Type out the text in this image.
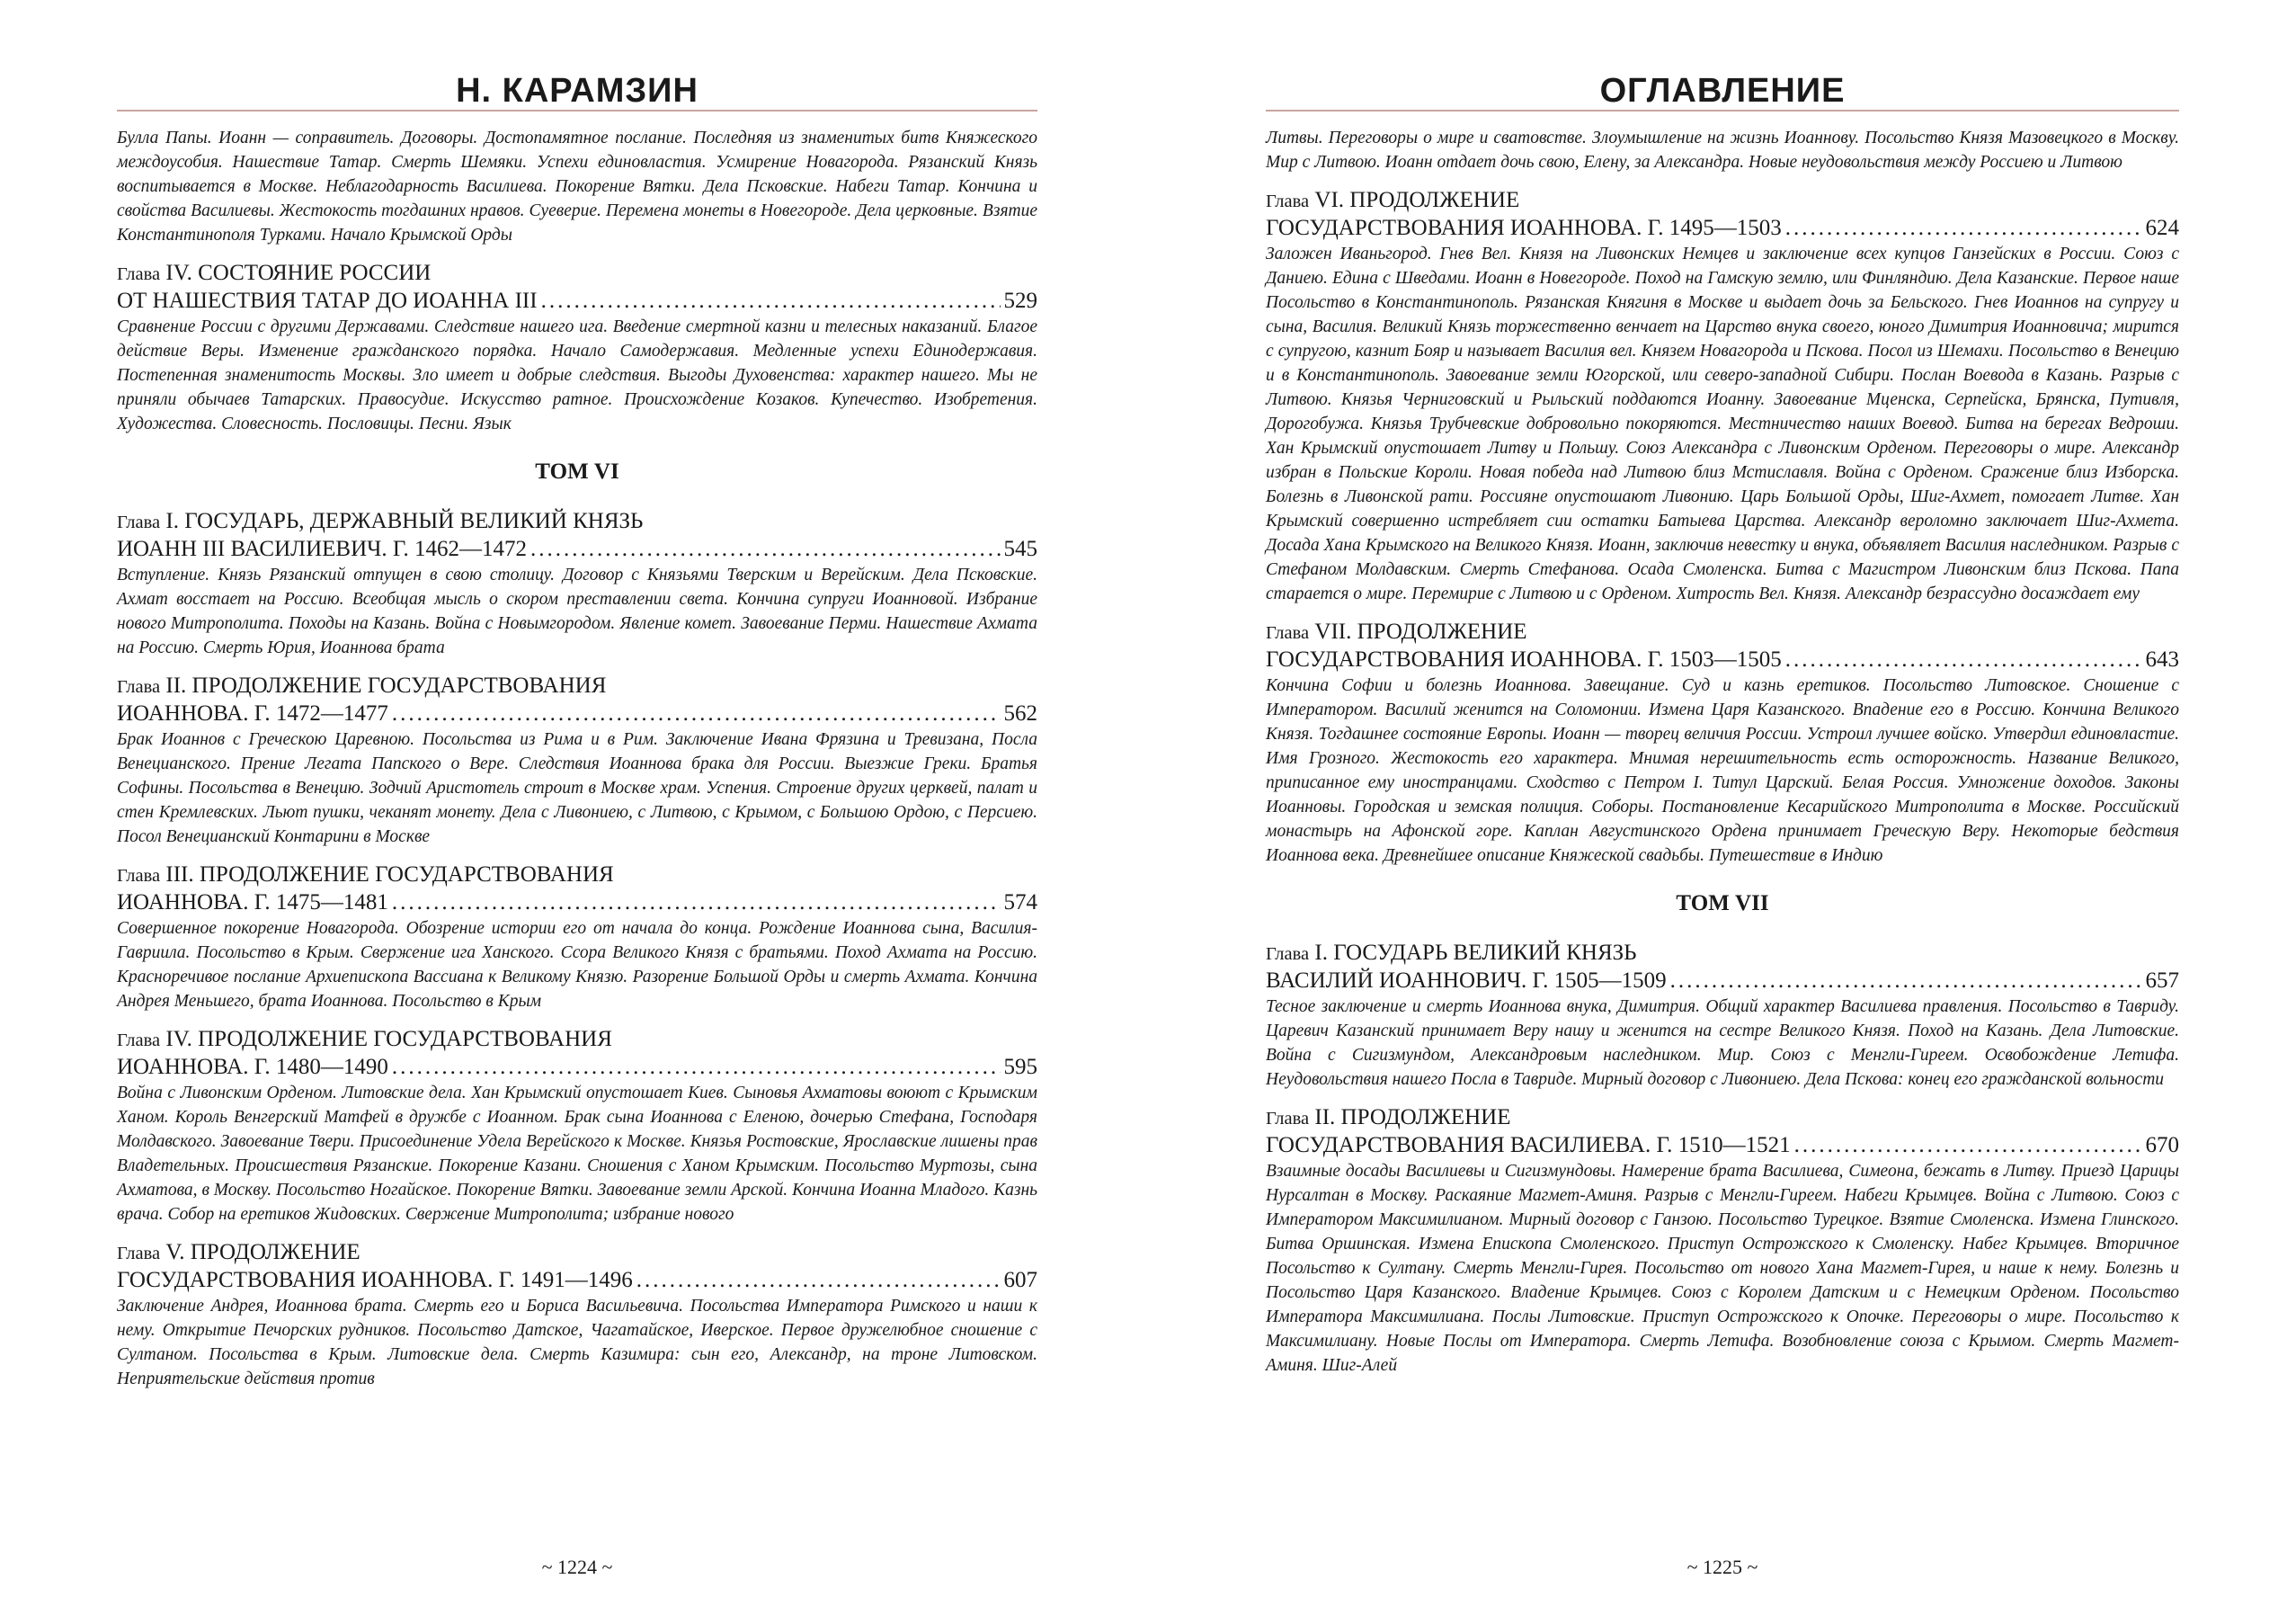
Н. КАРАМЗИН

Булла Папы. Иоанн — соправитель. Договоры. Достопамятное послание. Последняя из знаменитых битв Княжеского междоусобия. Нашествие Татар. Смерть Шемяки. Успехи единовластия. Усмирение Новагорода. Рязанский Князь воспитывается в Москве. Неблагодарность Василиева. Покорение Вятки. Дела Псковские. Набеги Татар. Кончина и свойства Василиевы. Жестокость тогдашних нравов. Суеверие. Перемена монеты в Новегороде. Дела церковные. Взятие Константинополя Турками. Начало Крымской Орды

Глава IV. СОСТОЯНИЕ РОССИИ
ОТ НАШЕСТВИЯ ТАТАР ДО ИОАННА III .....	529

Сравнение России с другими Державами. Следствие нашего ига. Введение смертной казни и телесных наказаний. Благое действие Веры. Изменение гражданского порядка. Начало Самодержавия. Медленные успехи Единодержавия. Постепенная знаменитость Москвы. Зло имеет и добрые следствия. Выгоды Духовенства: характер нашего. Мы не приняли обычаев Татарских. Правосудие. Искусство ратное. Происхождение Козаков. Купечество. Изобретения. Художества. Словесность. Пословицы. Песни. Язык

ТОМ VI
Глава I. ГОСУДАРЬ, ДЕРЖАВНЫЙ ВЕЛИКИЙ КНЯЗЬ
ИОАНН III ВАСИЛИЕВИЧ. Г. 1462—1472 .....	545

Вступление. Князь Рязанский отпущен в свою столицу. Договор с Князьями Тверским и Верейским. Дела Псковские. Ахмат восстает на Россию. Всеобщая мысль о скором преставлении света. Кончина супруги Иоанновой. Избрание нового Митрополита. Походы на Казань. Война с Новымгородом. Явление комет. Завоевание Перми. Нашествие Ахмата на Россию. Смерть Юрия, Иоаннова брата

Глава II. ПРОДОЛЖЕНИЕ ГОСУДАРСТВОВАНИЯ
ИОАННОВА. Г. 1472—1477 .....	562

Брак Иоаннов с Греческою Царевною. Посольства из Рима и в Рим. Заключение Ивана Фрязина и Тревизана, Посла Венецианского. Прение Легата Папского о Вере. Следствия Иоаннова брака для России. Выезжие Греки. Братья Софины. Посольства в Венецию. Зодчий Аристотель строит в Москве храм. Успения. Строение других церквей, палат и стен Кремлевских. Льют пушки, чеканят монету. Дела с Ливониею, с Литвою, с Крымом, с Большою Ордою, с Персиею. Посол Венецианский Контарини в Москве

Глава III. ПРОДОЛЖЕНИЕ ГОСУДАРСТВОВАНИЯ
ИОАННОВА. Г. 1475—1481 .....	574

Совершенное покорение Новагорода. Обозрение истории его от начала до конца. Рождение Иоаннова сына, Василия-Гавриила. Посольство в Крым. Свержение ига Ханского. Ссора Великого Князя с братьями. Поход Ахмата на Россию. Красноречивое послание Архиепископа Вассиана к Великому Князю. Разорение Большой Орды и смерть Ахмата. Кончина Андрея Меньшего, брата Иоаннова. Посольство в Крым

Глава IV. ПРОДОЛЖЕНИЕ ГОСУДАРСТВОВАНИЯ
ИОАННОВА. Г. 1480—1490 .....	595

Война с Ливонским Орденом. Литовские дела. Хан Крымский опустошает Киев. Сыновья Ахматовы воюют с Крымским Ханом. Король Венгерский Матфей в дружбе с Иоанном. Брак сына Иоаннова с Еленою, дочерью Стефана, Господаря Молдавского. Завоевание Твери. Присоединение Удела Верейского к Москве. Князья Ростовские, Ярославские лишены прав Владетельных. Происшествия Рязанские. Покорение Казани. Сношения с Ханом Крымским. Посольство Муртозы, сына Ахматова, в Москву. Посольство Ногайское. Покорение Вятки. Завоевание земли Арской. Кончина Иоанна Младого. Казнь врача. Собор на еретиков Жидовских. Свержение Митрополита; избрание нового

Глава V. ПРОДОЛЖЕНИЕ
ГОСУДАРСТВОВАНИЯ ИОАННОВА. Г. 1491—1496 .....	607

Заключение Андрея, Иоаннова брата. Смерть его и Бориса Васильевича. Посольства Императора Римского и наши к нему. Открытие Печорских рудников. Посольство Датское, Чагатайское, Иверское. Первое дружелюбное сношение с Султаном. Посольства в Крым. Литовские дела. Смерть Казимира: сын его, Александр, на троне Литовском. Неприятельские действия против

~ 1224 ~
ОГЛАВЛЕНИЕ

Литвы. Переговоры о мире и сватовстве. Злоумышление на жизнь Иоаннову. Посольство Князя Мазовецкого в Москву. Мир с Литвою. Иоанн отдает дочь свою, Елену, за Александра. Новые неудовольствия между Россиею и Литвою

Глава VI. ПРОДОЛЖЕНИЕ
ГОСУДАРСТВОВАНИЯ ИОАННОВА. Г. 1495—1503 .....	624

Заложен Иваньгород. Гнев Вел. Князя на Ливонских Немцев и заключение всех купцов Ганзейских в России. Союз с Даниею. Едина с Шведами. Иоанн в Новегороде. Поход на Гамскую землю, или Финляндию. Дела Казанские. Первое наше Посольство в Константинополь. Рязанская Княгиня в Москве и выдает дочь за Бельского. Гнев Иоаннов на супругу и сына, Василия. Великий Князь торжественно венчает на Царство внука своего, юного Димитрия Иоанновича; мирится с супругою, казнит Бояр и называет Василия вел. Князем Новагорода и Пскова. Посол из Шемахи. Посольство в Венецию и в Константинополь. Завоевание земли Югорской, или северо-западной Сибири. Послан Воевода в Казань. Разрыв с Литвою. Князья Черниговский и Рыльский поддаются Иоанну. Завоевание Мценска, Серпейска, Брянска, Путивля, Дорогобужа. Князья Трубчевские добровольно покоряются. Местничество наших Воевод. Битва на берегах Ведроши. Хан Крымский опустошает Литву и Польшу. Союз Александра с Ливонским Орденом. Переговоры о мире. Александр избран в Польские Короли. Новая победа над Литвою близ Мстиславля. Война с Орденом. Сражение близ Изборска. Болезнь в Ливонской рати. Россияне опустошают Ливонию. Царь Большой Орды, Шиг-Ахмет, помогает Литве. Хан Крымский совершенно истребляет сии остатки Батыева Царства. Александр вероломно заключает Шиг-Ахмета. Досада Хана Крымского на Великого Князя. Иоанн, заключив невестку и внука, объявляет Василия наследником. Разрыв с Стефаном Молдавским. Смерть Стефанова. Осада Смоленска. Битва с Магистром Ливонским близ Пскова. Папа старается о мире. Перемирие с Литвою и с Орденом. Хитрость Вел. Князя. Александр безрассудно досаждает ему

Глава VII. ПРОДОЛЖЕНИЕ
ГОСУДАРСТВОВАНИЯ ИОАННОВА. Г. 1503—1505 .....	643

Кончина Софии и болезнь Иоаннова. Завещание. Суд и казнь еретиков. Посольство Литовское. Сношение с Императором. Василий женится на Соломонии. Измена Царя Казанского. Впадение его в Россию. Кончина Великого Князя. Тогдашнее состояние Европы. Иоанн — творец величия России. Устроил лучшее войско. Утвердил единовластие. Имя Грозного. Жестокость его характера. Мнимая нерешительность есть осторожность. Название Великого, приписанное ему иностранцами. Сходство с Петром I. Титул Царский. Белая Россия. Умножение доходов. Законы Иоанновы. Городская и земская полиция. Соборы. Постановление Кесарийского Митрополита в Москве. Российский монастырь на Афонской горе. Каплан Августинского Ордена принимает Греческую Веру. Некоторые бедствия Иоаннова века. Древнейшее описание Княжеской свадьбы. Путешествие в Индию

ТОМ VII
Глава I. ГОСУДАРЬ ВЕЛИКИЙ КНЯЗЬ
ВАСИЛИЙ ИОАННОВИЧ. Г. 1505—1509 .....	657

Тесное заключение и смерть Иоаннова внука, Димитрия. Общий характер Василиева правления. Посольство в Тавриду. Царевич Казанский принимает Веру нашу и женится на сестре Великого Князя. Поход на Казань. Дела Литовские. Война с Сигизмундом, Александровым наследником. Мир. Союз с Менгли-Гиреем. Освобождение Летифа. Неудовольствия нашего Посла в Тавриде. Мирный договор с Ливониею. Дела Пскова: конец его гражданской вольности

Глава II. ПРОДОЛЖЕНИЕ
ГОСУДАРСТВОВАНИЯ ВАСИЛИЕВА. Г. 1510—1521 .....	670

Взаимные досады Василиевы и Сигизмундовы. Намерение брата Василиева, Симеона, бежать в Литву. Приезд Царицы Нурсалтан в Москву. Раскаяние Магмет-Аминя. Разрыв с Менгли-Гиреем. Набеги Крымцев. Война с Литвою. Союз с Императором Максимилианом. Мирный договор с Ганзою. Посольство Турецкое. Взятие Смоленска. Измена Глинского. Битва Оршинская. Измена Епископа Смоленского. Приступ Острожского к Смоленску. Набег Крымцев. Вторичное Посольство к Султану. Смерть Менгли-Гирея. Посольство от нового Хана Магмет-Гирея, и наше к нему. Болезнь и Посольство Царя Казанского. Владение Крымцев. Союз с Королем Датским и с Немецким Орденом. Посольство Императора Максимилиана. Послы Литовские. Приступ Острожского к Опочке. Переговоры о мире. Посольство к Максимилиану. Новые Послы от Императора. Смерть Летифа. Возобновление союза с Крымом. Смерть Магмет-Аминя. Шиг-Алей

~ 1225 ~
